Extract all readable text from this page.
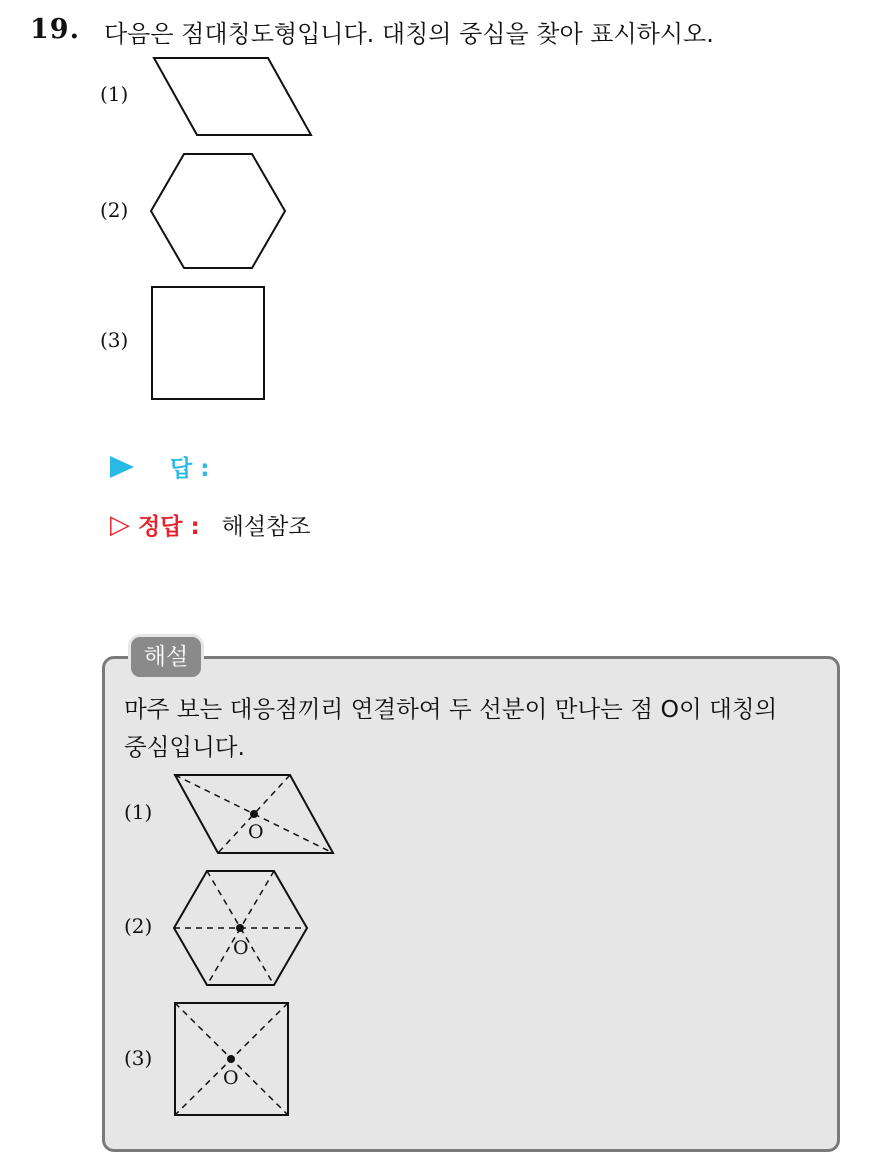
19. 다음은 점대칭도형입니다. 대칭의 중심을 찾아 표시하시오.
(1)
(2)
(3)
답 :
▷ 정답 : 해설참조
해설
마주 보는 대응점끼리 연결하여 두 선분이 만나는 점 O이 대칭의
중심입니다.
(1)
(2)
(3)
O
O
O
